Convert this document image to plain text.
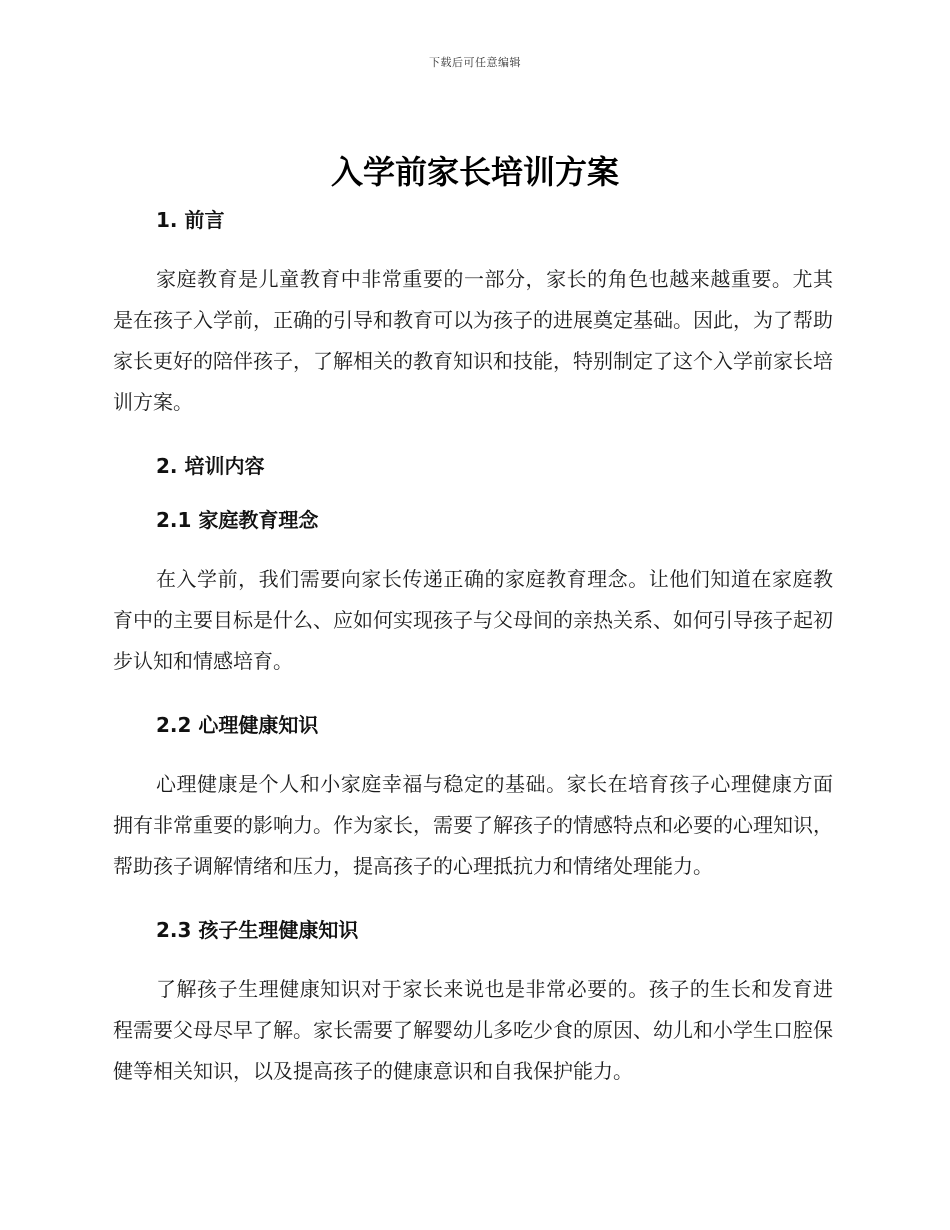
下载后可任意编辑
入学前家长培训方案

1. 前言

家庭教育是儿童教育中非常重要的一部分，家长的角色也越来越重要。尤其是在孩子入学前，正确的引导和教育可以为孩子的进展奠定基础。因此，为了帮助家长更好的陪伴孩子，了解相关的教育知识和技能，特别制定了这个入学前家长培训方案。

2. 培训内容

2.1 家庭教育理念

在入学前，我们需要向家长传递正确的家庭教育理念。让他们知道在家庭教育中的主要目标是什么、应如何实现孩子与父母间的亲热关系、如何引导孩子起初步认知和情感培育。

2.2 心理健康知识

心理健康是个人和小家庭幸福与稳定的基础。家长在培育孩子心理健康方面拥有非常重要的影响力。作为家长，需要了解孩子的情感特点和必要的心理知识，帮助孩子调解情绪和压力，提高孩子的心理抵抗力和情绪处理能力。

2.3 孩子生理健康知识

了解孩子生理健康知识对于家长来说也是非常必要的。孩子的生长和发育进程需要父母尽早了解。家长需要了解婴幼儿多吃少食的原因、幼儿和小学生口腔保健等相关知识，以及提高孩子的健康意识和自我保护能力。
